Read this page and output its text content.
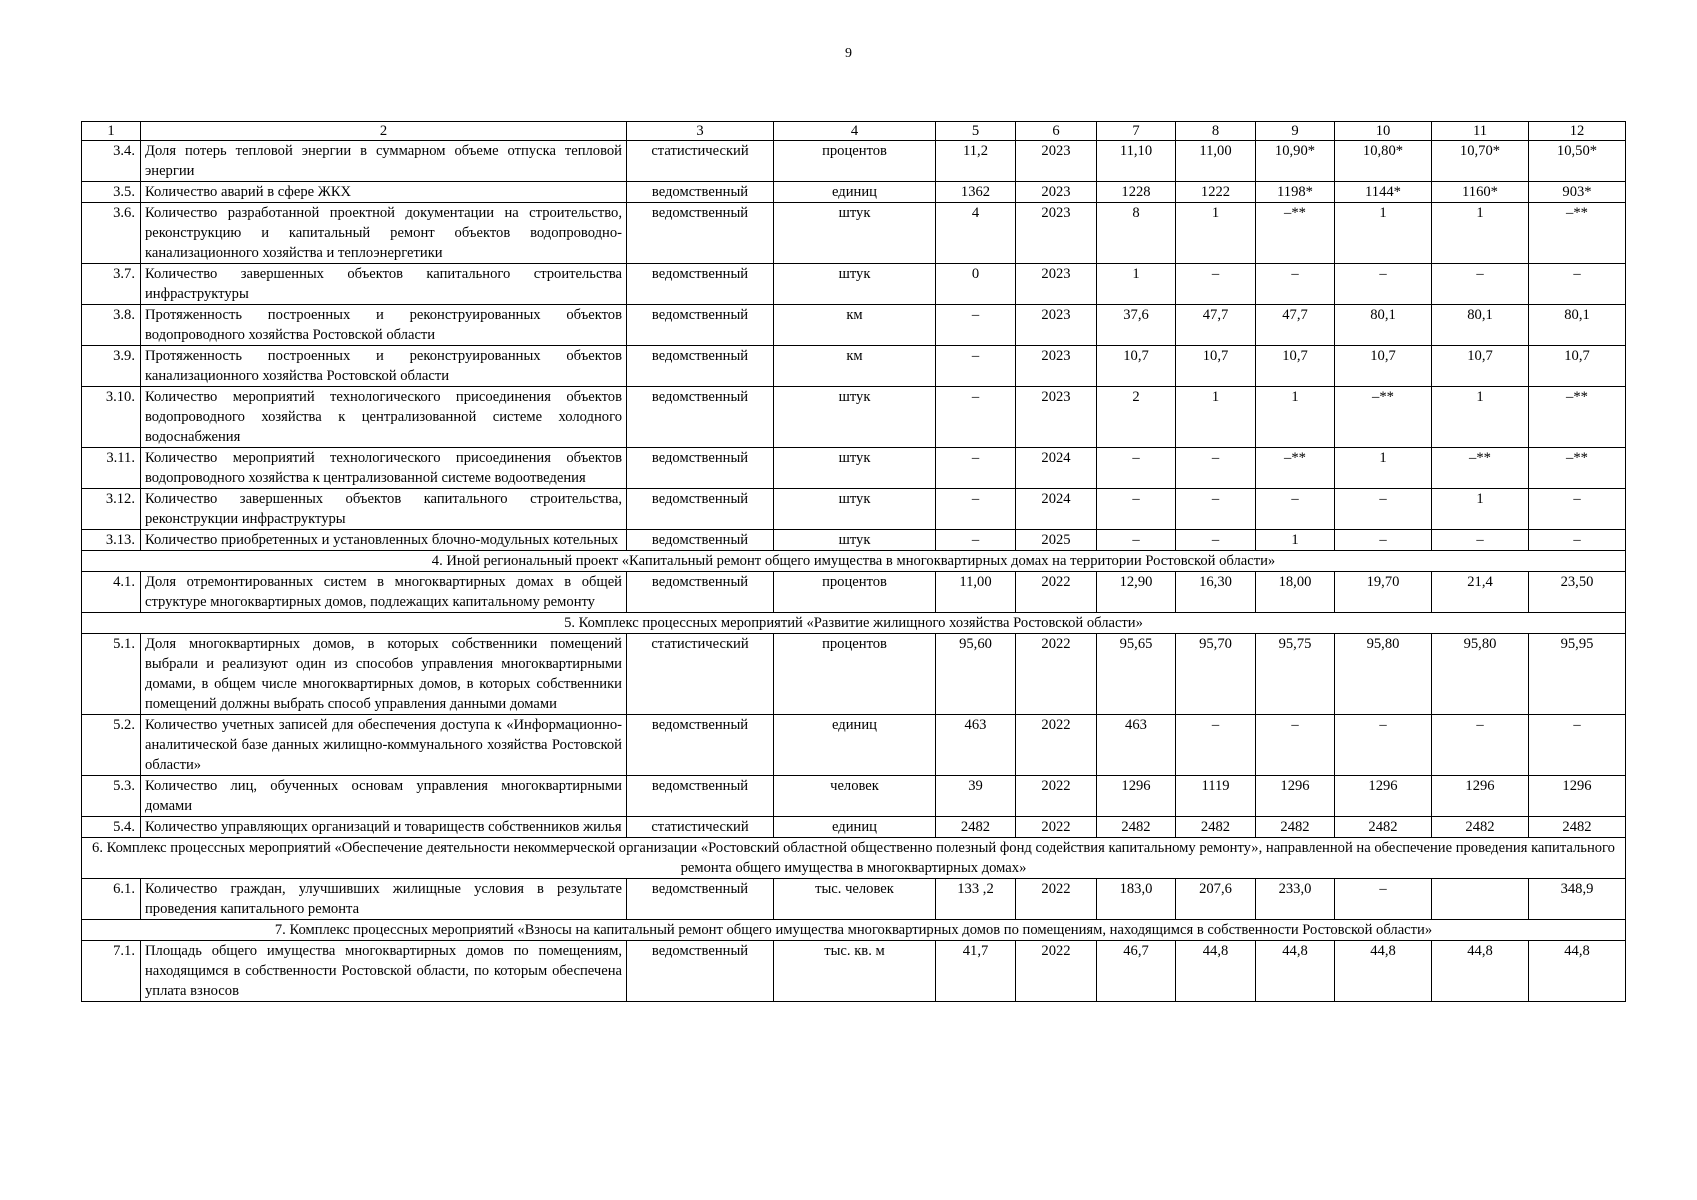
9
1	2	3	4	5	6	7	8	9	10	11	12
3.4.	Доля потерь тепловой энергии в суммарном объеме отпуска тепловой энергии	статистический	процентов	11,2	2023	11,10	11,00	10,90*	10,80*	10,70*	10,50*
3.5.	Количество аварий в сфере ЖКХ	ведомственный	единиц	1362	2023	1228	1222	1198*	1144*	1160*	903*
3.6.	Количество разработанной проектной документации на строительство, реконструкцию и капитальный ремонт объектов водопроводно-канализационного хозяйства и теплоэнергетики	ведомственный	штук	4	2023	8	1	–**	1	1	–**
3.7.	Количество завершенных объектов капитального строительства инфраструктуры	ведомственный	штук	0	2023	1	–	–	–	–	–
3.8.	Протяженность построенных и реконструированных объектов водопроводного хозяйства Ростовской области	ведомственный	км	–	2023	37,6	47,7	47,7	80,1	80,1	80,1
3.9.	Протяженность построенных и реконструированных объектов канализационного хозяйства Ростовской области	ведомственный	км	–	2023	10,7	10,7	10,7	10,7	10,7	10,7
3.10.	Количество мероприятий технологического присоединения объектов водопроводного хозяйства к централизованной системе холодного водоснабжения	ведомственный	штук	–	2023	2	1	1	–**	1	–**
3.11.	Количество мероприятий технологического присоединения объектов водопроводного хозяйства к централизованной системе водоотведения	ведомственный	штук	–	2024	–	–	–**	1	–**	–**
3.12.	Количество завершенных объектов капитального строительства, реконструкции инфраструктуры	ведомственный	штук	–	2024	–	–	–	–	1	–
3.13.	Количество приобретенных и установленных блочно-модульных котельных	ведомственный	штук	–	2025	–	–	1	–	–	–
4. Иной региональный проект «Капитальный ремонт общего имущества в многоквартирных домах на территории Ростовской области»											
4.1.	Доля отремонтированных систем в многоквартирных домах в общей структуре многоквартирных домов, подлежащих капитальному ремонту	ведомственный	процентов	11,00	2022	12,90	16,30	18,00	19,70	21,4	23,50
5. Комплекс процессных мероприятий «Развитие жилищного хозяйства Ростовской области»											
5.1.	Доля многоквартирных домов, в которых собственники помещений выбрали и реализуют один из способов управления многоквартирными домами, в общем числе многоквартирных домов, в которых собственники помещений должны выбрать способ управления данными домами	статистический	процентов	95,60	2022	95,65	95,70	95,75	95,80	95,80	95,95
5.2.	Количество учетных записей для обеспечения доступа к «Информационно-аналитической базе данных жилищно-коммунального хозяйства Ростовской области»	ведомственный	единиц	463	2022	463	–	–	–	–	–
5.3.	Количество лиц, обученных основам управления многоквартирными домами	ведомственный	человек	39	2022	1296	1119	1296	1296	1296	1296
5.4.	Количество управляющих организаций и товариществ собственников жилья	статистический	единиц	2482	2022	2482	2482	2482	2482	2482	2482
6. Комплекс процессных мероприятий «Обеспечение деятельности некоммерческой организации «Ростовский областной общественно полезный фонд содействия капитальному ремонту», направленной на обеспечение проведения капитального ремонта общего имущества в многоквартирных домах»											
6.1.	Количество граждан, улучшивших жилищные условия в результате проведения капитального ремонта	ведомственный	тыс. человек	133 ,2	2022	183,0	207,6	233,0	–		348,9
7. Комплекс процессных мероприятий «Взносы на капитальный ремонт общего имущества многоквартирных домов по помещениям, находящимся в собственности Ростовской области»											
7.1.	Площадь общего имущества многоквартирных домов по помещениям, находящимся в собственности Ростовской области, по которым обеспечена уплата взносов	ведомственный	тыс. кв. м	41,7	2022	46,7	44,8	44,8	44,8	44,8	44,8
